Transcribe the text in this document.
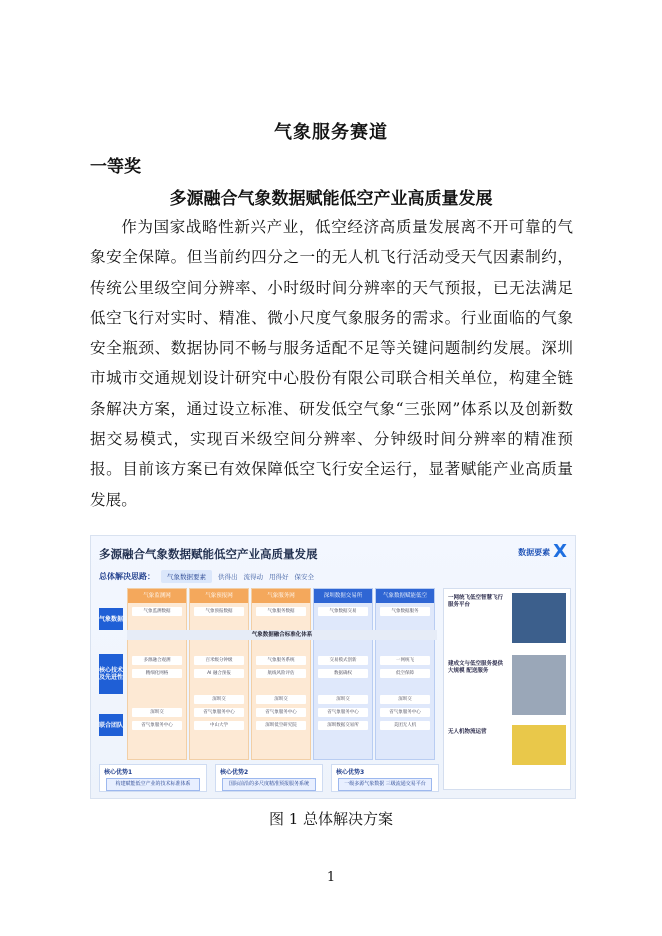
气象服务赛道
一等奖
多源融合气象数据赋能低空产业高质量发展

作为国家战略性新兴产业，低空经济高质量发展离不开可靠的气象安全保障。但当前约四分之一的无人机飞行活动受天气因素制约，传统公里级空间分辨率、小时级时间分辨率的天气预报，已无法满足低空飞行对实时、精准、微小尺度气象服务的需求。行业面临的气象安全瓶颈、数据协同不畅与服务适配不足等关键问题制约发展。深圳市城市交通规划设计研究中心股份有限公司联合相关单位，构建全链条解决方案，通过设立标准、研发低空气象“三张网”体系以及创新数据交易模式，实现百米级空间分辨率、分钟级时间分辨率的精准预报。目前该方案已有效保障低空飞行安全运行，显著赋能产业高质量发展。

多源融合气象数据赋能低空产业高质量发展	数据要素 X
总体解决思路：	气象数据要素	供得出 流得动 用得好 保安全
气象数据
核心技术及先进性
联合团队
气象监测网
气象监测数据
多源融合观测
精细化网格
深圳交
省气象服务中心
气象预报网
气象预报数据
百米级分钟级
AI 融合预报
深圳交
省气象服务中心
中山大学
气象服务网
气象服务数据
气象服务系统
航线风险评估
深圳交
省气象服务中心
深圳低空研究院
深圳数据交易所
气象数据交易
交易模式创新
数据确权
深圳交
省气象服务中心
深圳数据交易所
气象数据赋能低空
气象数据服务
一网统飞
低空保障
深圳交
省气象服务中心
美团无人机
气象数据融合标准化体系
一网统飞低空智慧飞行服务平台
建成文与低空服务提供大规模 配送服务
无人机物流运营
核心优势1
构建赋能低空产业的技术标准体系
核心优势2
国际前沿的多尺度精准预报服务系统
核心优势3
一级多源气象数据 三级流通交易平台
图 1 总体解决方案
1
